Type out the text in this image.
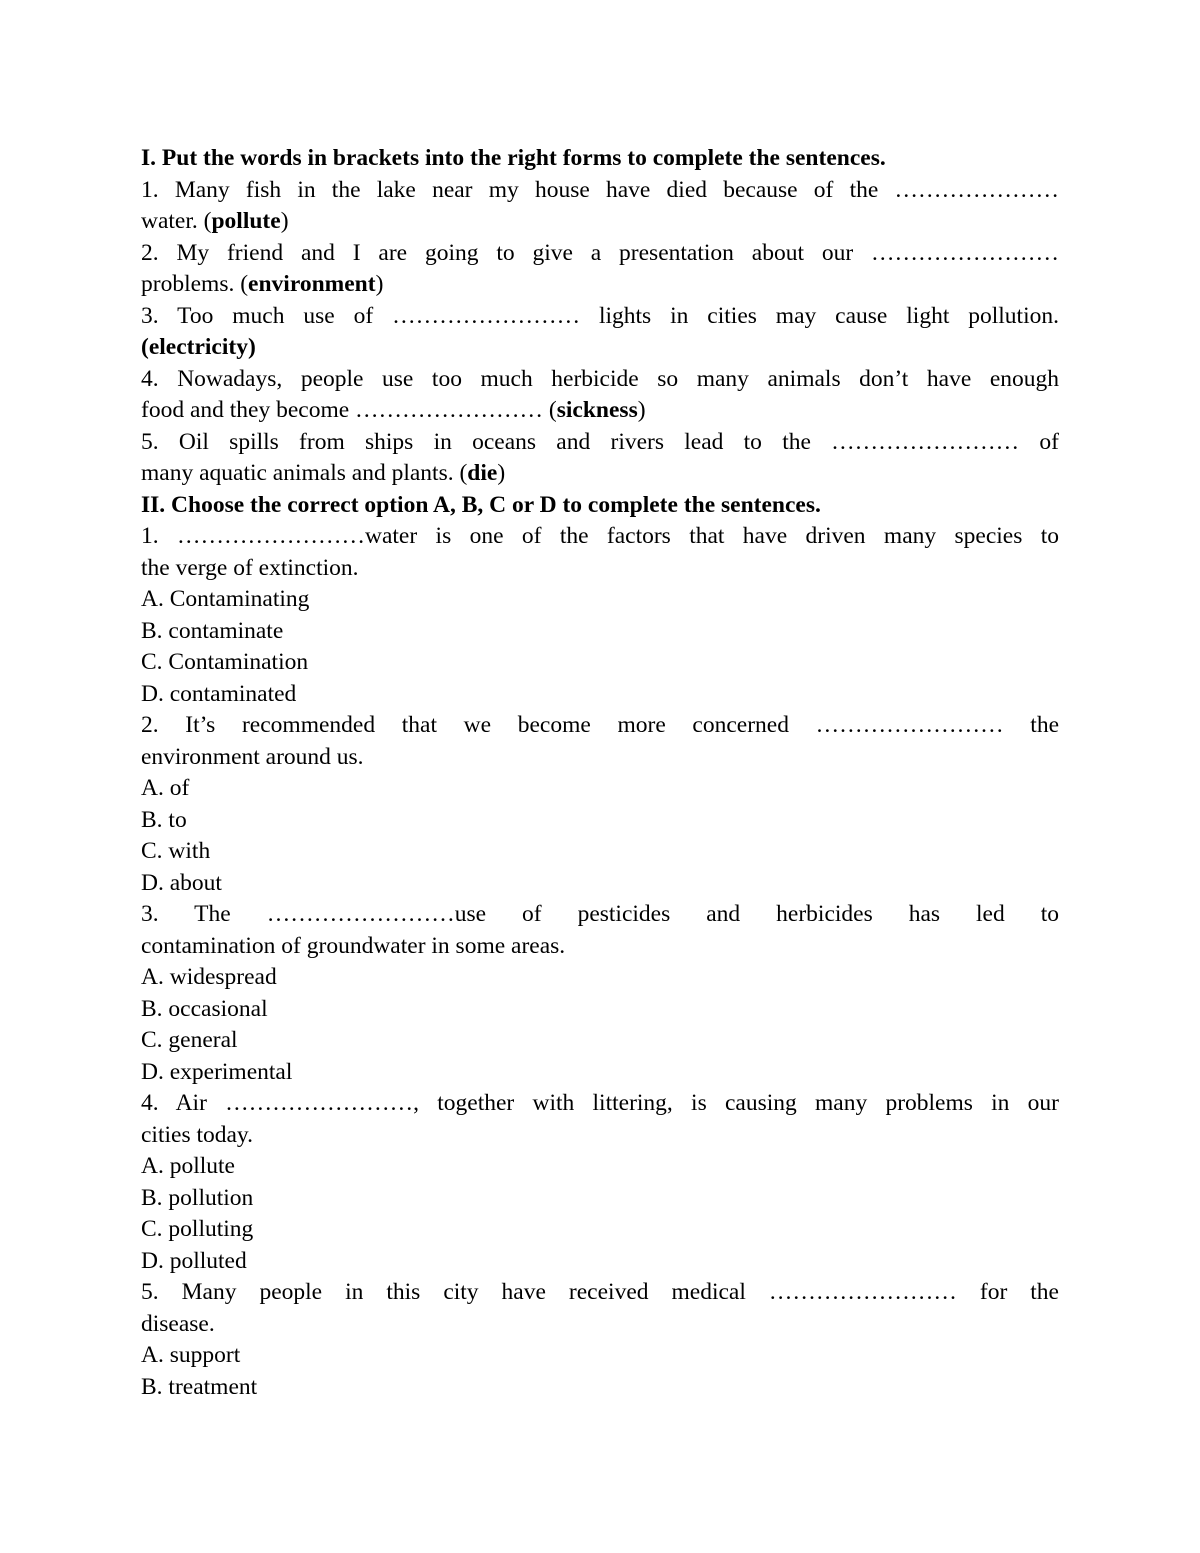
I. Put the words in brackets into the right forms to complete the sentences.

1. Many fish in the lake near my house have died because of the …………………

water. (pollute)

2. My friend and I are going to give a presentation about our ……………………

problems. (environment)

3. Too much use of …………………… lights in cities may cause light pollution.

(electricity)

4. Nowadays, people use too much herbicide so many animals don’t have enough

food and they become …………………… (sickness)

5. Oil spills from ships in oceans and rivers lead to the …………………… of

many aquatic animals and plants. (die)

II. Choose the correct option A, B, C or D to complete the sentences.

1. ……………………water is one of the factors that have driven many species to

the verge of extinction.

A. Contaminating

B. contaminate

C. Contamination

D. contaminated

2. It’s recommended that we become more concerned …………………… the

environment around us.

A. of

B. to

C. with

D. about

3. The ……………………use of pesticides and herbicides has led to

contamination of groundwater in some areas.

A. widespread

B. occasional

C. general

D. experimental

4. Air ……………………, together with littering, is causing many problems in our

cities today.

A. pollute

B. pollution

C. polluting

D. polluted

5. Many people in this city have received medical …………………… for the

disease.

A. support

B. treatment
